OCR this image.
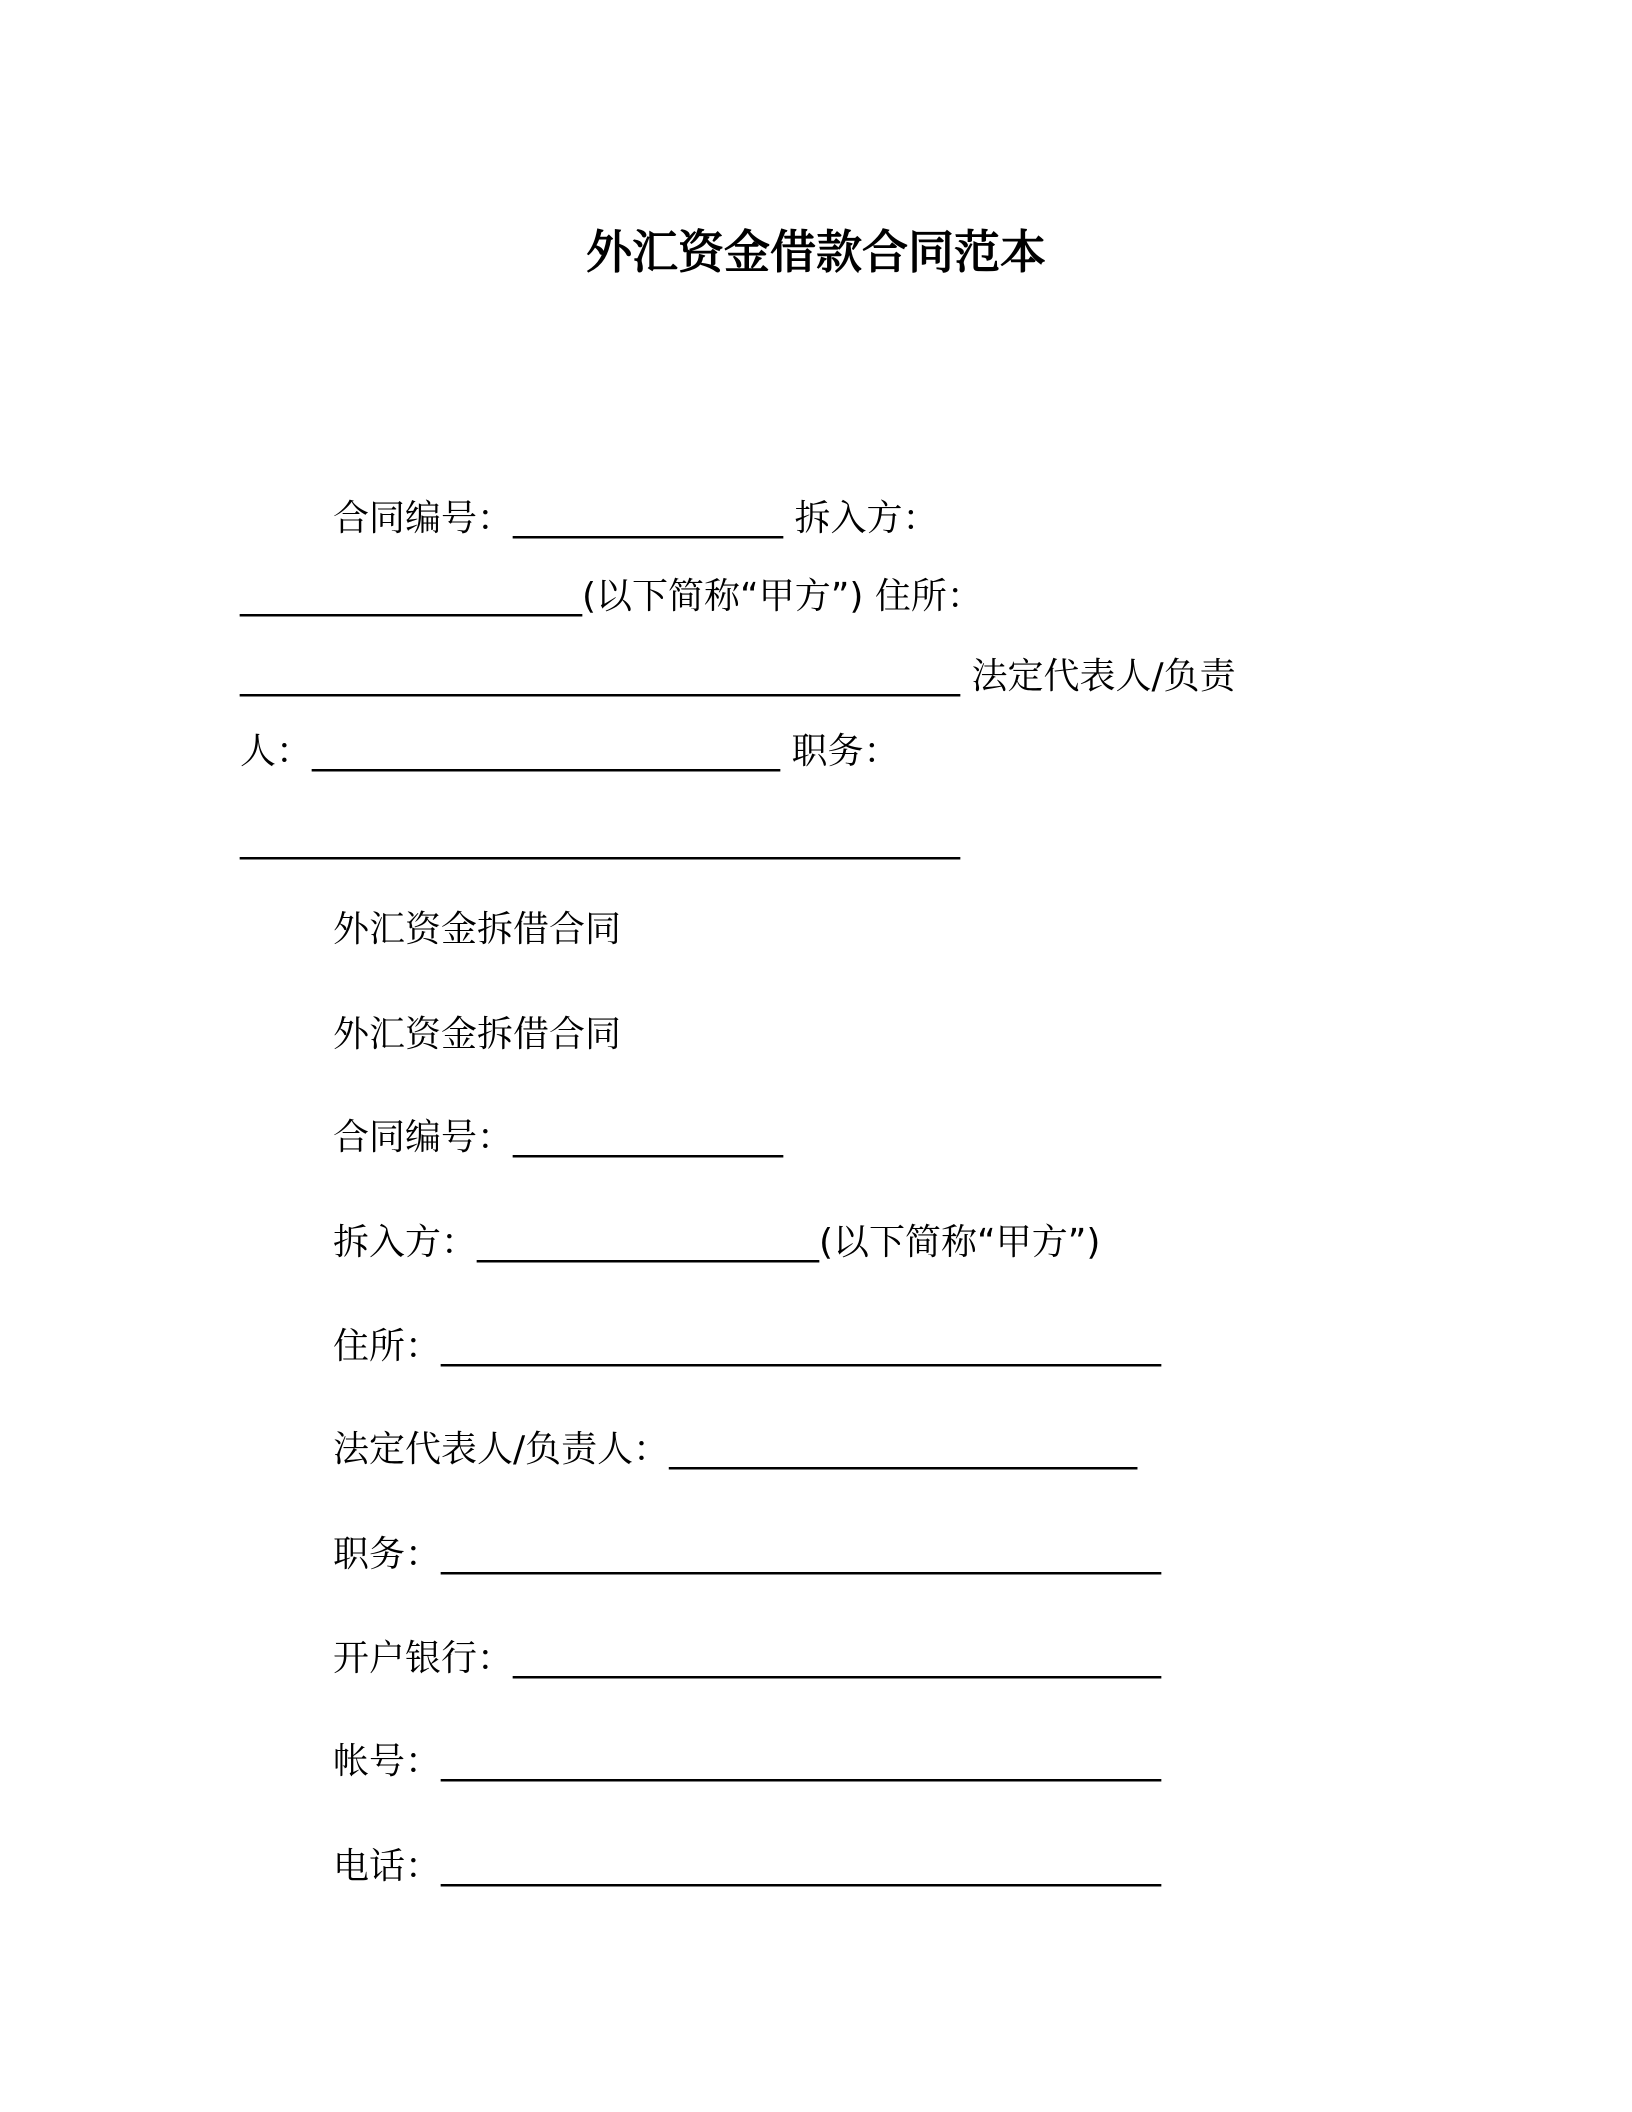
外汇资金借款合同范本

合同编号：_______________ 拆入方：

___________________(以下简称“甲方”) 住所：

________________________________________ 法定代表人/负责

人：__________________________ 职务：

________________________________________

外汇资金拆借合同

外汇资金拆借合同

合同编号：_______________

拆入方：___________________(以下简称“甲方”)

住所：________________________________________

法定代表人/负责人：__________________________

职务：________________________________________

开户银行：____________________________________

帐号：________________________________________

电话：________________________________________
